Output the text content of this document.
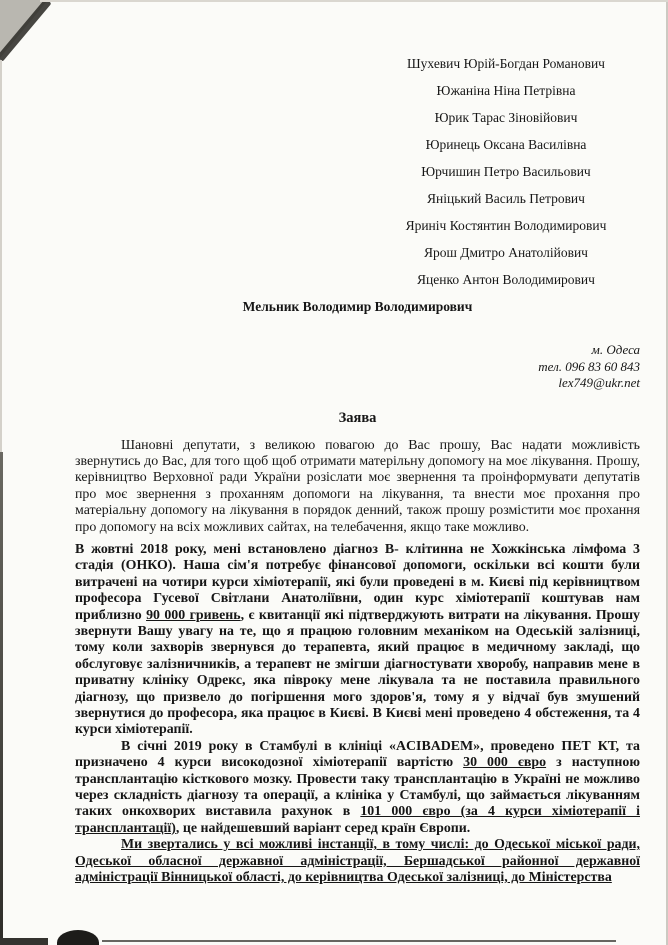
Шухевич Юрій-Богдан Романович
Южаніна Ніна Петрівна
Юрик Тарас Зіновійович
Юринець Оксана Василівна
Юрчишин Петро Васильович
Яніцький Василь Петрович
Яриніч Костянтин Володимирович
Ярош Дмитро Анатолійович
Яценко Антон Володимирович
Мельник Володимир Володимирович
м. Одеса
тел. 096 83 60 843
lex749@ukr.net
Заява

Шановні депутати, з великою повагою до Вас прошу, Вас надати можливість звернутись до Вас, для того щоб щоб отримати матерільну допомогу на моє лікування. Прошу, керівництво Верховної ради України розіслати моє звернення та проінформувати депутатів про моє звернення з проханням допомоги на лікування, та внести моє прохання про матеріальну допомогу на лікування в порядок денний, також прошу розмістити моє прохання про допомогу на всіх можливих сайтах, на телебачення, якщо таке можливо.

В жовтні 2018 року, мені встановлено діагноз В- клітинна не Хожкінська лімфома 3 стадія (ОНКО). Наша сім'я потребує фінансової допомоги, оскільки всі кошти були витрачені на чотири курси хіміотерапії, які були проведені в м. Києві під керівництвом професора Гусевої Світлани Анатоліївни, один курс хіміотерапії коштував нам приблизно 90 000 гривень, є квитанції які підтверджують витрати на лікування. Прошу звернути Вашу увагу на те, що я працюю головним механіком на Одеській залізниці, тому коли захворів звернувся до терапевта, який працює в медичному закладі, що обслуговує залізничників, а терапевт не змігши діагностувати хворобу, направив мене в приватну клініку Одрекс, яка півроку мене лікувала та не поставила правильного діагнозу, що призвело до погіршення мого здоров'я, тому я у відчаї був змушений звернутися до професора, яка працює в Києві. В Києві мені проведено 4 обстеження, та 4 курси хіміотерапії.

В січні 2019 року в Стамбулі в клініці «ACIBADEM», проведено ПЕТ КТ, та призначено 4 курси високодозної хіміотерапії вартістю 30 000 євро з наступною трансплантацію кісткового мозку. Провести таку трансплантацію в Україні не можливо через складність діагнозу та операції, а клініка у Стамбулі, що займається лікуванням таких онкохворих виставила рахунок в 101 000 євро (за 4 курси хіміотерапії і трансплантації), це найдешевший варіант серед країн Європи.

Ми звертались у всі можливі інстанції, в тому числі: до Одеської міської ради, Одеської обласної державної адміністрації, Бершадської районної державної адміністрації Вінницької області, до керівництва Одеської залізниці, до Міністерства
